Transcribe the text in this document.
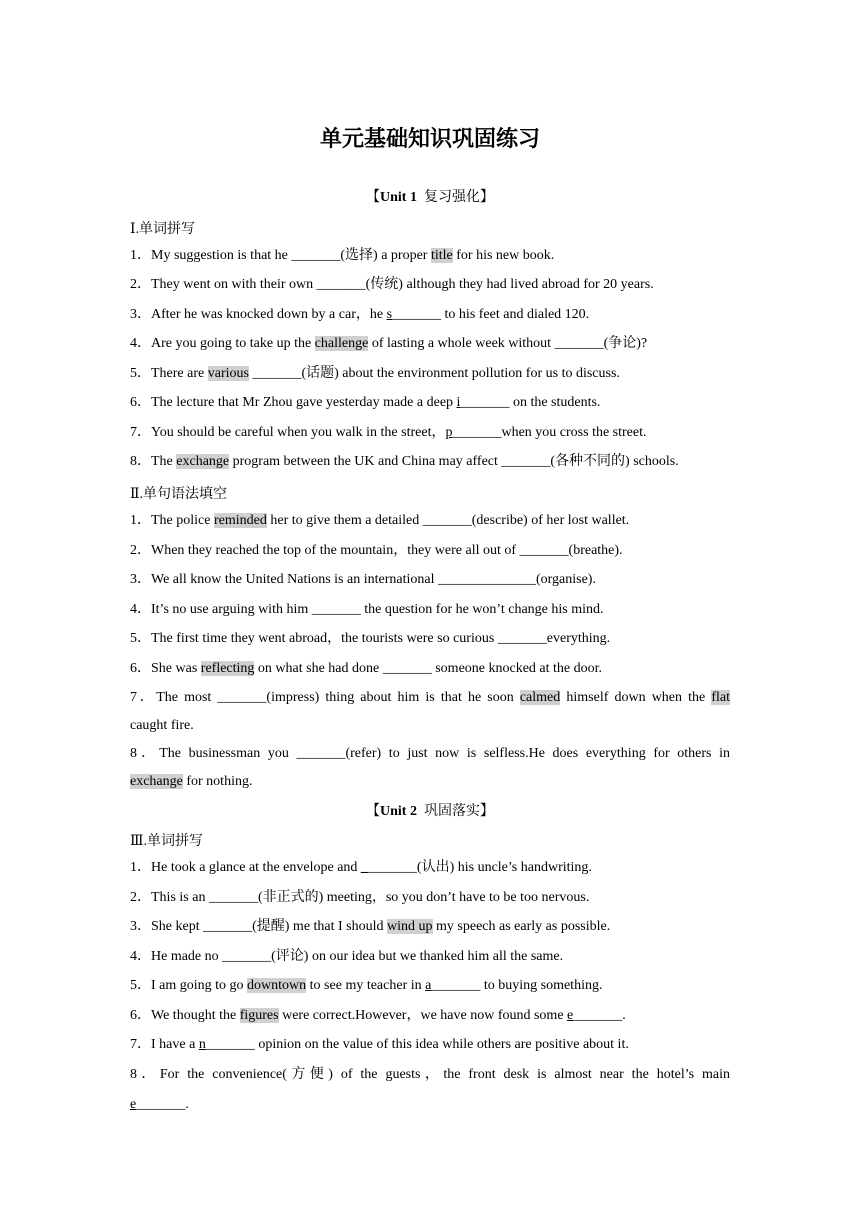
单元基础知识巩固练习
【Unit 1 复习强化】
Ⅰ.单词拼写
1．My suggestion is that he _______(选择) a proper title for his new book.
2．They went on with their own _______(传统) although they had lived abroad for 20 years.
3．After he was knocked down by a car，he s_______ to his feet and dialed 120.
4．Are you going to take up the challenge of lasting a whole week without _______(争论)?
5．There are various _______(话题) about the environment pollution for us to discuss.
6．The lecture that Mr Zhou gave yesterday made a deep i_______ on the students.
7．You should be careful when you walk in the street，p_______when you cross the street.
8．The exchange program between the UK and China may affect _______(各种不同的) schools.
Ⅱ.单句语法填空
1．The police reminded her to give them a detailed _______(describe) of her lost wallet.
2．When they reached the top of the mountain，they were all out of _______(breathe).
3．We all know the United Nations is an international ______________(organise).
4．It’s no use arguing with him _______ the question for he won’t change his mind.
5．The first time they went abroad，the tourists were so curious _______everything.
6．She was reflecting on what she had done _______ someone knocked at the door.
7．The most _______(impress) thing about him is that he soon calmed himself down when the flat
caught fire.
8．The businessman you _______(refer) to just now is selfless.He does everything for others in
exchange for nothing.
【Unit 2 巩固落实】
Ⅲ.单词拼写
1．He took a glance at the envelope and ________(认出) his uncle’s handwriting.
2．This is an _______(非正式的) meeting，so you don’t have to be too nervous.
3．She kept _______(提醒) me that I should wind up my speech as early as possible.
4．He made no _______(评论) on our idea but we thanked him all the same.
5．I am going to go downtown to see my teacher in a_______ to buying something.
6．We thought the figures were correct.However，we have now found some e_______.
7．I have a n_______ opinion on the value of this idea while others are positive about it.
8．For the convenience(方便) of the guests，the front desk is almost near the hotel’s main
e_______.
